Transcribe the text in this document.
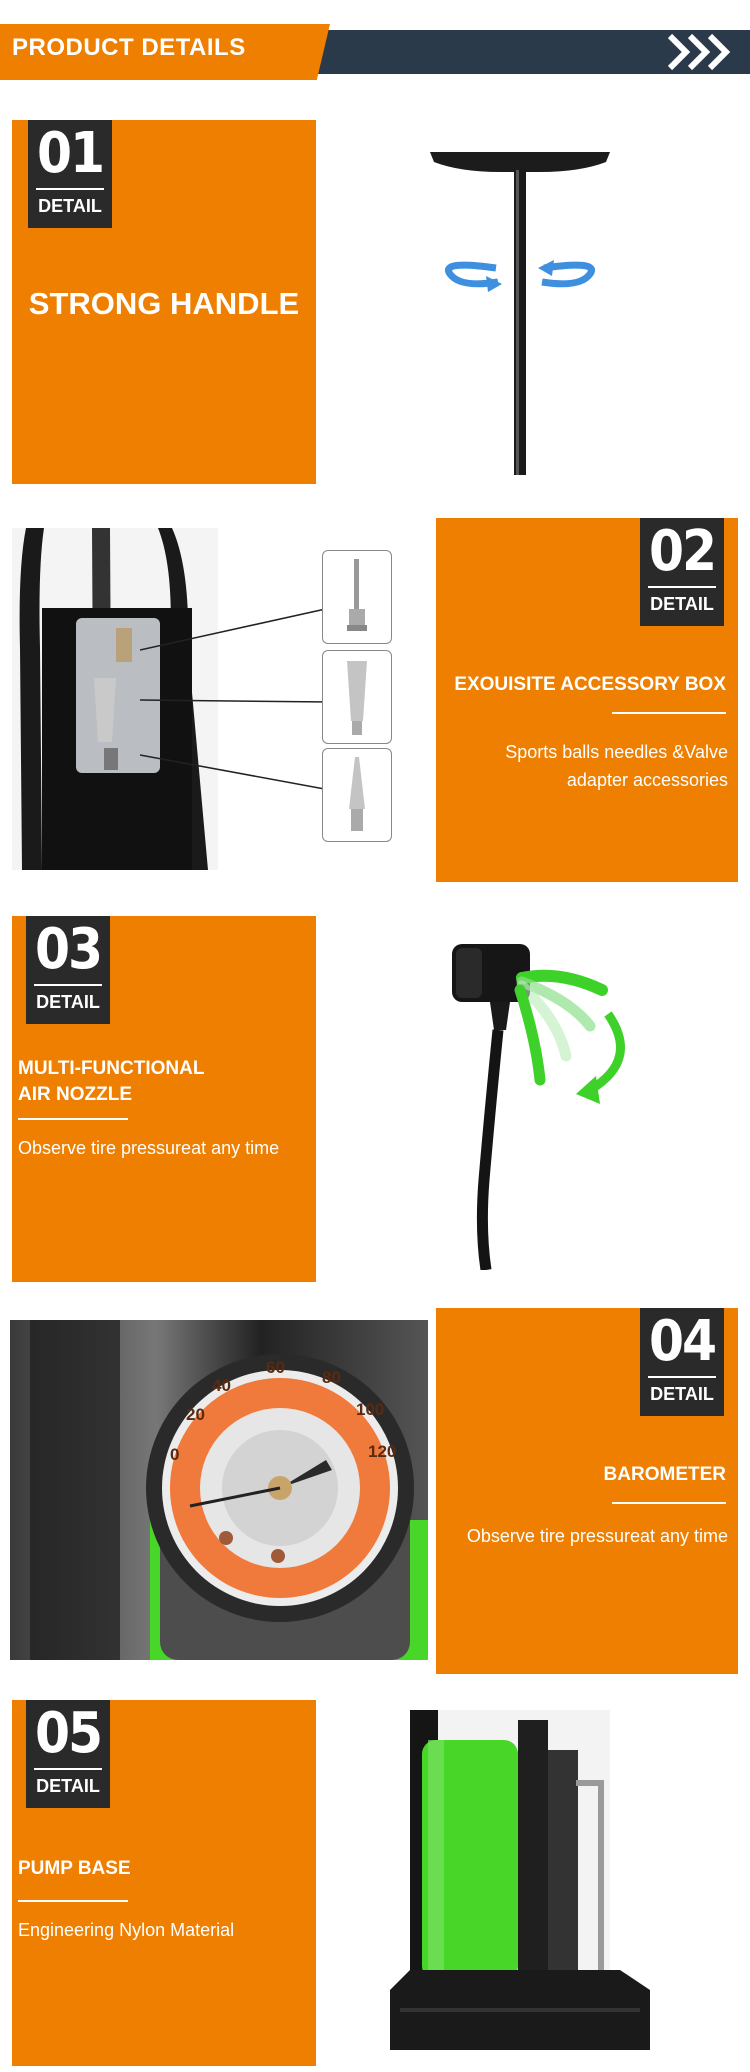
PRODUCT DETAILS
01
DETAIL
STRONG HANDLE
02
DETAIL
EXOUISITE ACCESSORY BOX
Sports balls needles &Valve
adapter accessories
03
DETAIL
MULTI-FUNCTIONAL
AIR NOZZLE
Observe tire pressureat any time
0
20
40
60
80
100
120
04
DETAIL
BAROMETER
Observe tire pressureat any time
05
DETAIL
PUMP BASE
Engineering Nylon Material
